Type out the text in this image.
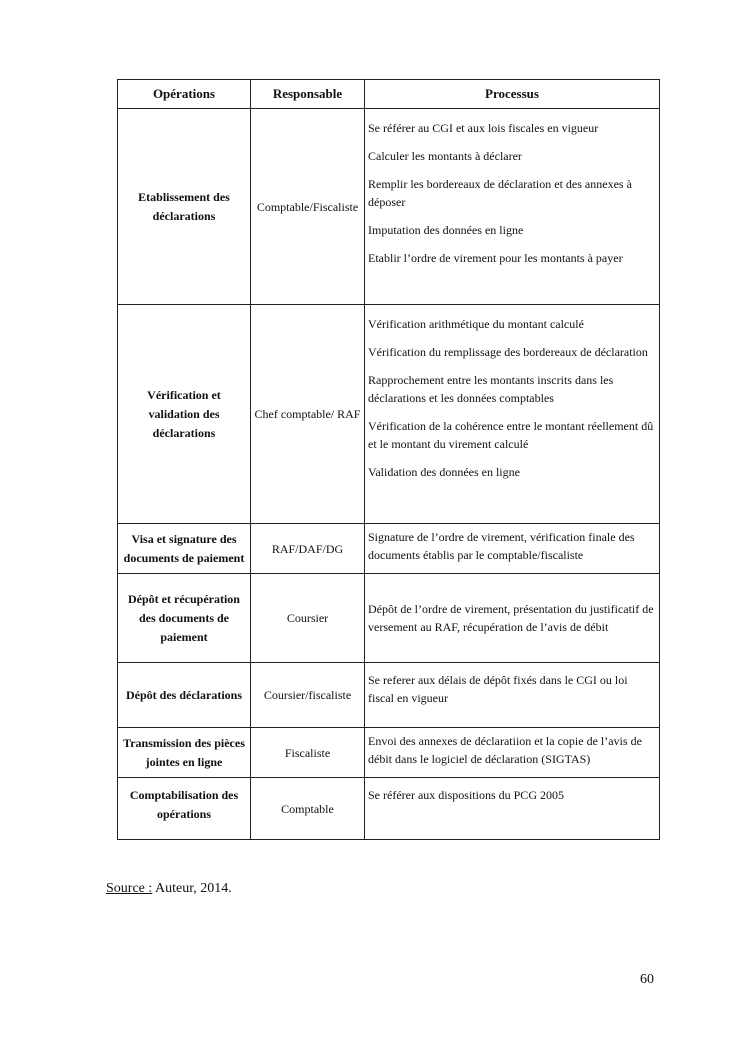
Opérations	Responsable	Processus
Etablissement des déclarations	Comptable/Fiscaliste	Se référer au CGI et aux lois fiscales en vigueur
Calculer les montants à déclarer
Remplir les bordereaux de déclaration et des annexes à déposer
Imputation des données en ligne
Etablir l’ordre de virement pour les montants à payer

Vérification et validation des déclarations	Chef comptable/ RAF	Vérification arithmétique du montant calculé
Vérification du remplissage des bordereaux de déclaration
Rapprochement entre les montants inscrits dans les déclarations et les données comptables
Vérification de la cohérence entre le montant réellement dû et le montant du virement calculé
Validation des données en ligne

Visa et signature des documents de paiement	RAF/DAF/DG	Signature de l’ordre de virement, vérification finale des documents établis par le comptable/fiscaliste

Dépôt et récupération des documents de paiement	Coursier	Dépôt de l’ordre de virement, présentation du justificatif de versement au RAF, récupération de l’avis de débit

Dépôt des déclarations	Coursier/fiscaliste	Se referer aux délais de dépôt fixés dans le CGI ou loi fiscal en vigueur

Transmission des pièces jointes en ligne	Fiscaliste	Envoi des annexes de déclaratiion et la copie de l’avis de débit dans le logiciel de déclaration (SIGTAS)

Comptabilisation des opérations	Comptable	Se référer aux dispositions du PCG 2005
Source : Auteur, 2014.
60
